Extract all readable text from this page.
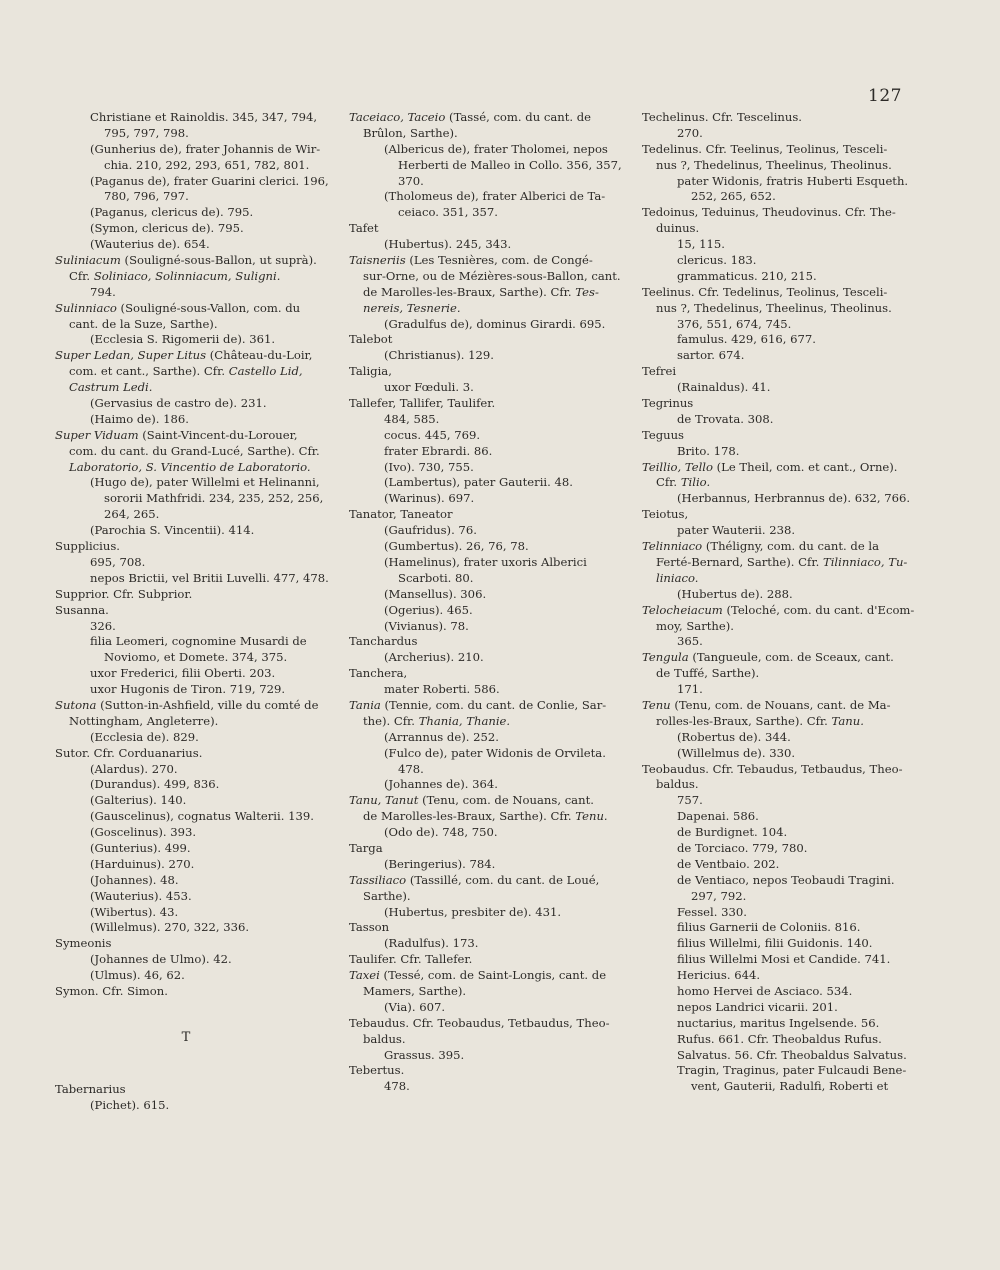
127
Christiane et Rainoldis. 345, 347, 794,
795, 797, 798.
(Gunherius de), frater Johannis de Wir-
chia. 210, 292, 293, 651, 782, 801.
(Paganus de), frater Guarini clerici. 196,
780, 796, 797.
(Paganus, clericus de). 795.
(Symon, clericus de). 795.
(Wauterius de). 654.
Suliniacum (Souligné-sous-Ballon, ut suprà).
Cfr. Soliniaco, Solinniacum, Suligni.
794.
Sulinniaco (Souligné-sous-Vallon, com. du
cant. de la Suze, Sarthe).
(Ecclesia S. Rigomerii de). 361.
Super Ledan, Super Litus (Château-du-Loir,
com. et cant., Sarthe). Cfr. Castello Lid,
Castrum Ledi.
(Gervasius de castro de). 231.
(Haimo de). 186.
Super Viduam (Saint-Vincent-du-Lorouer,
com. du cant. du Grand-Lucé, Sarthe). Cfr.
Laboratorio, S. Vincentio de Laboratorio.
(Hugo de), pater Willelmi et Helinanni,
sororii Mathfridi. 234, 235, 252, 256,
264, 265.
(Parochia S. Vincentii). 414.
Supplicius.
695, 708.
nepos Brictii, vel Britii Luvelli. 477, 478.
Supprior. Cfr. Subprior.
Susanna.
326.
filia Leomeri, cognomine Musardi de
Noviomo, et Domete. 374, 375.
uxor Frederici, filii Oberti. 203.
uxor Hugonis de Tiron. 719, 729.
Sutona (Sutton-in-Ashfield, ville du comté de
Nottingham, Angleterre).
(Ecclesia de). 829.
Sutor. Cfr. Corduanarius.
(Alardus). 270.
(Durandus). 499, 836.
(Galterius). 140.
(Gauscelinus), cognatus Walterii. 139.
(Goscelinus). 393.
(Gunterius). 499.
(Harduinus). 270.
(Johannes). 48.
(Wauterius). 453.
(Wibertus). 43.
(Willelmus). 270, 322, 336.
Symeonis
(Johannes de Ulmo). 42.
(Ulmus). 46, 62.
Symon. Cfr. Simon.
T
Tabernarius
(Pichet). 615.
Taceiaco, Taceio (Tassé, com. du cant. de
Brûlon, Sarthe).
(Albericus de), frater Tholomei, nepos
Herberti de Malleo in Collo. 356, 357,
370.
(Tholomeus de), frater Alberici de Ta-
ceiaco. 351, 357.
Tafet
(Hubertus). 245, 343.
Taisneriis (Les Tesnières, com. de Congé-
sur-Orne, ou de Mézières-sous-Ballon, cant.
de Marolles-les-Braux, Sarthe). Cfr. Tes-
nereis, Tesnerie.
(Gradulfus de), dominus Girardi. 695.
Talebot
(Christianus). 129.
Taligia,
uxor Fœduli. 3.
Tallefer, Tallifer, Taulifer.
484, 585.
cocus. 445, 769.
frater Ebrardi. 86.
(Ivo). 730, 755.
(Lambertus), pater Gauterii. 48.
(Warinus). 697.
Tanator, Taneator
(Gaufridus). 76.
(Gumbertus). 26, 76, 78.
(Hamelinus), frater uxoris Alberici
Scarboti. 80.
(Mansellus). 306.
(Ogerius). 465.
(Vivianus). 78.
Tanchardus
(Archerius). 210.
Tanchera,
mater Roberti. 586.
Tania (Tennie, com. du cant. de Conlie, Sar-
the). Cfr. Thania, Thanie.
(Arrannus de). 252.
(Fulco de), pater Widonis de Orvileta.
478.
(Johannes de). 364.
Tanu, Tanut (Tenu, com. de Nouans, cant.
de Marolles-les-Braux, Sarthe). Cfr. Tenu.
(Odo de). 748, 750.
Targa
(Beringerius). 784.
Tassiliaco (Tassillé, com. du cant. de Loué,
Sarthe).
(Hubertus, presbiter de). 431.
Tasson
(Radulfus). 173.
Taulifer. Cfr. Tallefer.
Taxei (Tessé, com. de Saint-Longis, cant. de
Mamers, Sarthe).
(Via). 607.
Tebaudus. Cfr. Teobaudus, Tetbaudus, Theo-
baldus.
Grassus. 395.
Tebertus.
478.
Techelinus. Cfr. Tescelinus.
270.
Tedelinus. Cfr. Teelinus, Teolinus, Tesceli-
nus ?, Thedelinus, Theelinus, Theolinus.
pater Widonis, fratris Huberti Esqueth.
252, 265, 652.
Tedoinus, Teduinus, Theudovinus. Cfr. The-
duinus.
15, 115.
clericus. 183.
grammaticus. 210, 215.
Teelinus. Cfr. Tedelinus, Teolinus, Tesceli-
nus ?, Thedelinus, Theelinus, Theolinus.
376, 551, 674, 745.
famulus. 429, 616, 677.
sartor. 674.
Tefrei
(Rainaldus). 41.
Tegrinus
de Trovata. 308.
Teguus
Brito. 178.
Teillio, Tello (Le Theil, com. et cant., Orne).
Cfr. Tilio.
(Herbannus, Herbrannus de). 632, 766.
Teiotus,
pater Wauterii. 238.
Telinniaco (Théligny, com. du cant. de la
Ferté-Bernard, Sarthe). Cfr. Tilinniaco, Tu-
liniaco.
(Hubertus de). 288.
Telocheiacum (Teloché, com. du cant. d'Ecom-
moy, Sarthe).
365.
Tengula (Tangueule, com. de Sceaux, cant.
de Tuffé, Sarthe).
171.
Tenu (Tenu, com. de Nouans, cant. de Ma-
rolles-les-Braux, Sarthe). Cfr. Tanu.
(Robertus de). 344.
(Willelmus de). 330.
Teobaudus. Cfr. Tebaudus, Tetbaudus, Theo-
baldus.
757.
Dapenai. 586.
de Burdignet. 104.
de Torciaco. 779, 780.
de Ventbaio. 202.
de Ventiaco, nepos Teobaudi Tragini.
297, 792.
Fessel. 330.
filius Garnerii de Coloniis. 816.
filius Willelmi, filii Guidonis. 140.
filius Willelmi Mosi et Candide. 741.
Hericius. 644.
homo Hervei de Asciaco. 534.
nepos Landrici vicarii. 201.
nuctarius, maritus Ingelsende. 56.
Rufus. 661. Cfr. Theobaldus Rufus.
Salvatus. 56. Cfr. Theobaldus Salvatus.
Tragin, Traginus, pater Fulcaudi Bene-
vent, Gauterii, Radulfi, Roberti et
